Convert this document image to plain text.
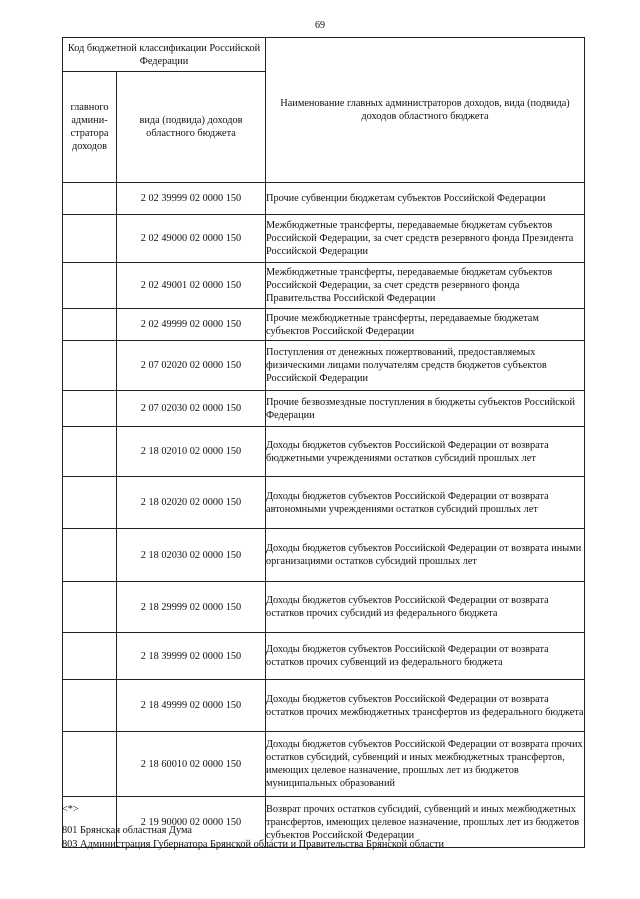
69
Код бюджетной классификации Российской Федерации		Наименование главных администраторов доходов, вида (подвида) доходов областного бюджета
главного админи-стратора доходов	вида (подвида) доходов областного бюджета	
	2 02 39999 02 0000 150	Прочие субвенции бюджетам субъектов Российской Федерации
	2 02 49000 02 0000 150	Межбюджетные трансферты, передаваемые бюджетам субъектов Российской Федерации, за счет средств резервного фонда Президента Российской Федерации
	2 02 49001 02 0000 150	Межбюджетные трансферты, передаваемые бюджетам субъектов Российской Федерации, за счет средств резервного фонда Правительства Российской Федерации
	2 02 49999 02 0000 150	Прочие межбюджетные трансферты, передаваемые бюджетам субъектов Российской Федерации
	2 07 02020 02 0000 150	Поступления от денежных пожертвований, предоставляемых физическими лицами получателям средств бюджетов субъектов Российской Федерации
	2 07 02030 02 0000 150	Прочие безвозмездные поступления в бюджеты субъектов Российской Федерации
	2 18 02010 02 0000 150	Доходы бюджетов субъектов Российской Федерации от возврата бюджетными учреждениями остатков субсидий прошлых лет
	2 18 02020 02 0000 150	Доходы бюджетов субъектов Российской Федерации от возврата автономными учреждениями остатков субсидий прошлых лет
	2 18 02030 02 0000 150	Доходы бюджетов субъектов Российской Федерации от возврата иными организациями остатков субсидий прошлых лет
	2 18 29999 02 0000 150	Доходы бюджетов субъектов Российской Федерации от возврата остатков прочих субсидий из федерального бюджета
	2 18 39999 02 0000 150	Доходы бюджетов субъектов Российской Федерации от возврата остатков прочих субвенций из федерального бюджета
	2 18 49999 02 0000 150	Доходы бюджетов субъектов Российской Федерации от возврата остатков прочих межбюджетных трансфертов из федерального бюджета
	2 18 60010 02 0000 150	Доходы бюджетов субъектов Российской Федерации от возврата прочих остатков субсидий, субвенций и иных межбюджетных трансфертов, имеющих целевое назначение, прошлых лет из бюджетов муниципальных образований
	2 19 90000 02 0000 150	Возврат прочих остатков субсидий, субвенций и иных межбюджетных трансфертов, имеющих целевое назначение, прошлых лет из бюджетов субъектов Российской Федерации
<*>
801 Брянская областная Дума
803 Администрация Губернатора Брянской области и Правительства Брянской области
